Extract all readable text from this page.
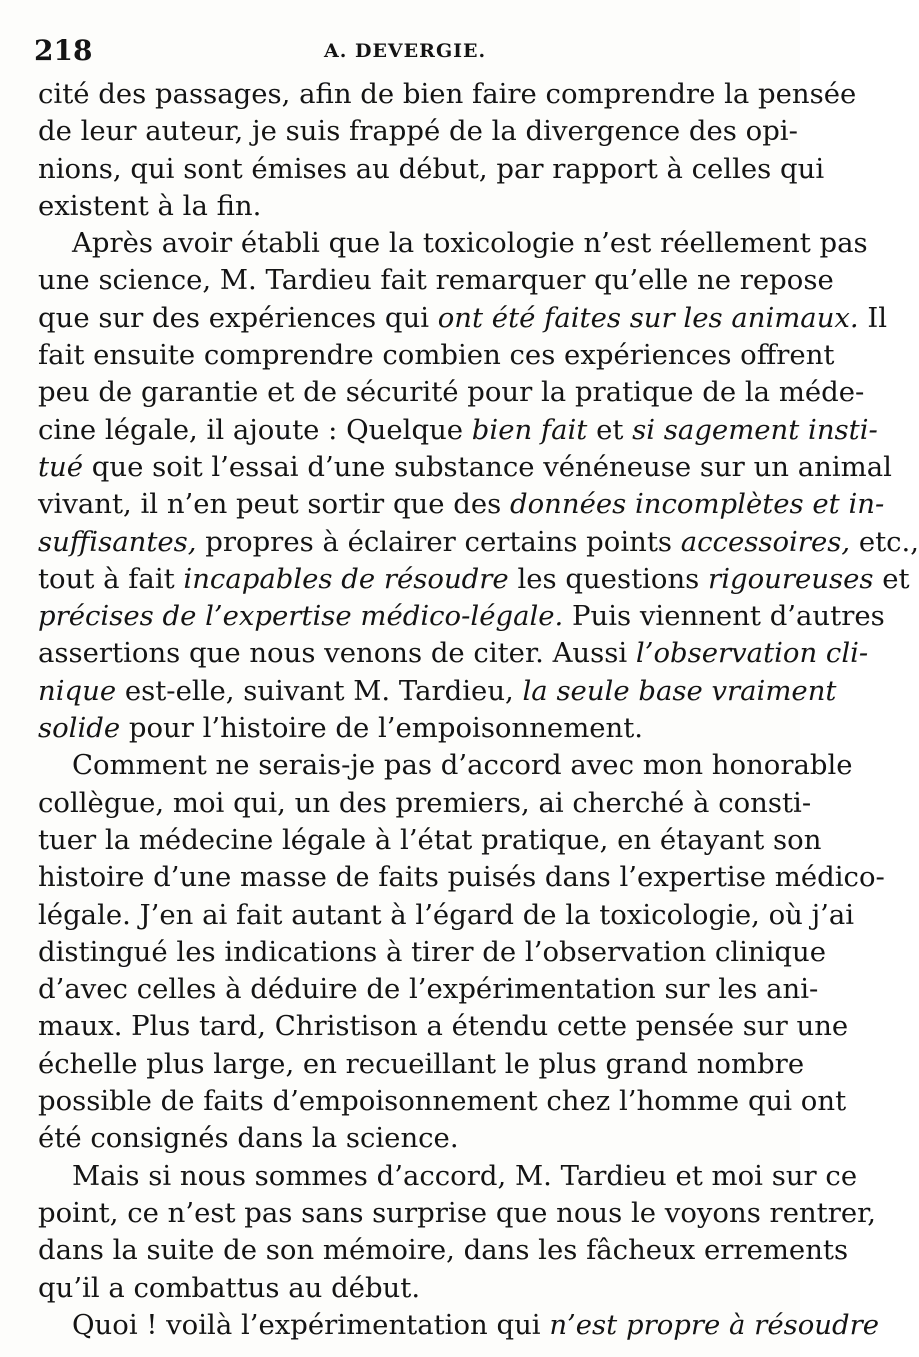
218	A. DEVERGIE.
cité des passages, afin de bien faire comprendre la pensée
de leur auteur, je suis frappé de la divergence des opi-
nions, qui sont émises au début, par rapport à celles qui
existent à la fin.
Après avoir établi que la toxicologie n’est réellement pas
une science, M. Tardieu fait remarquer qu’elle ne repose
que sur des expériences qui ont été faites sur les animaux. Il
fait ensuite comprendre combien ces expériences offrent
peu de garantie et de sécurité pour la pratique de la méde-
cine légale, il ajoute : Quelque bien fait et si sagement insti-
tué que soit l’essai d’une substance vénéneuse sur un animal
vivant, il n’en peut sortir que des données incomplètes et in-
suffisantes, propres à éclairer certains points accessoires, etc.,
tout à fait incapables de résoudre les questions rigoureuses et
précises de l’expertise médico-légale. Puis viennent d’autres
assertions que nous venons de citer. Aussi l’observation cli-
nique est-elle, suivant M. Tardieu, la seule base vraiment
solide pour l’histoire de l’empoisonnement.
Comment ne serais-je pas d’accord avec mon honorable
collègue, moi qui, un des premiers, ai cherché à consti-
tuer la médecine légale à l’état pratique, en étayant son
histoire d’une masse de faits puisés dans l’expertise médico-
légale. J’en ai fait autant à l’égard de la toxicologie, où j’ai
distingué les indications à tirer de l’observation clinique
d’avec celles à déduire de l’expérimentation sur les ani-
maux. Plus tard, Christison a étendu cette pensée sur une
échelle plus large, en recueillant le plus grand nombre
possible de faits d’empoisonnement chez l’homme qui ont
été consignés dans la science.
Mais si nous sommes d’accord, M. Tardieu et moi sur ce
point, ce n’est pas sans surprise que nous le voyons rentrer,
dans la suite de son mémoire, dans les fâcheux errements
qu’il a combattus au début.
Quoi ! voilà l’expérimentation qui n’est propre à résoudre
